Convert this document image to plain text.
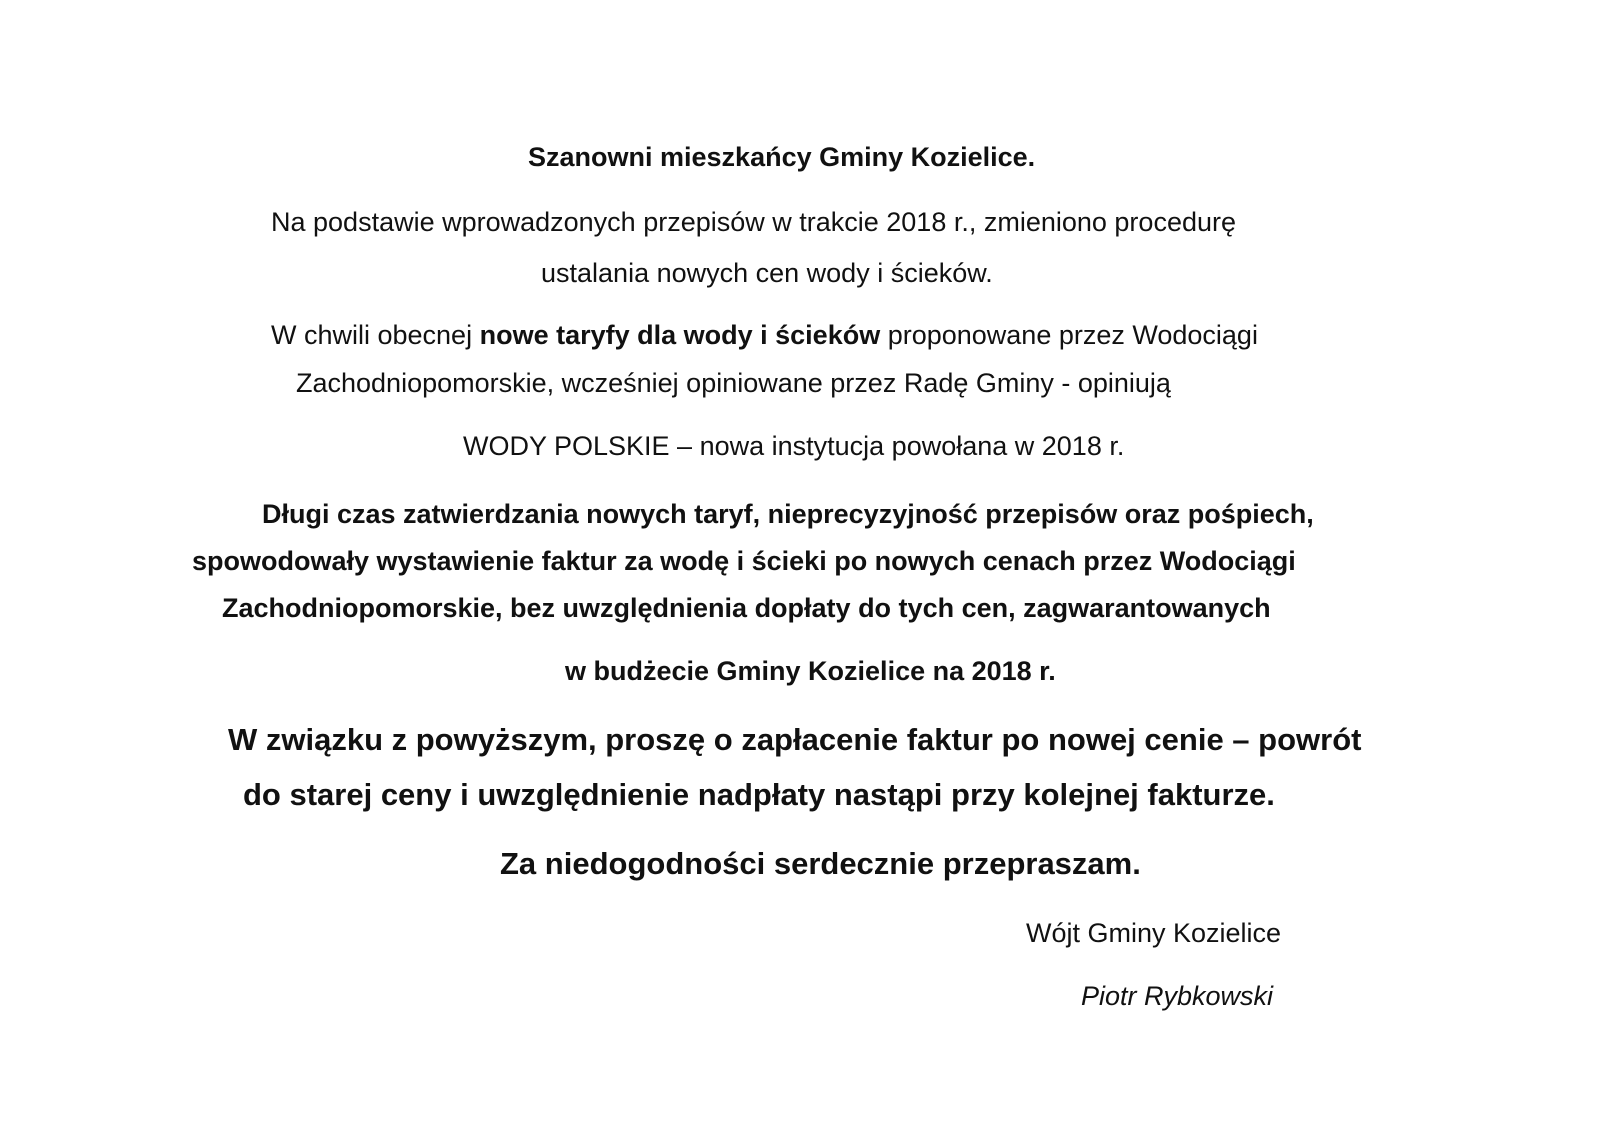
Szanowni mieszkańcy Gminy Kozielice.
Na podstawie wprowadzonych przepisów w trakcie 2018 r., zmieniono procedurę
ustalania nowych cen wody i ścieków.
W chwili obecnej nowe taryfy dla wody i ścieków proponowane przez Wodociągi
Zachodniopomorskie, wcześniej opiniowane przez Radę Gminy - opiniują
WODY POLSKIE – nowa instytucja powołana w 2018 r.
Długi czas zatwierdzania nowych taryf, nieprecyzyjność przepisów oraz pośpiech,
spowodowały wystawienie faktur za wodę i ścieki po nowych cenach przez Wodociągi
Zachodniopomorskie, bez uwzględnienia dopłaty do tych cen, zagwarantowanych
w budżecie Gminy Kozielice na 2018 r.
W związku z powyższym, proszę o zapłacenie faktur po nowej cenie – powrót
do starej ceny i uwzględnienie nadpłaty nastąpi przy kolejnej fakturze.
Za niedogodności serdecznie przepraszam.
Wójt Gminy Kozielice
Piotr Rybkowski
